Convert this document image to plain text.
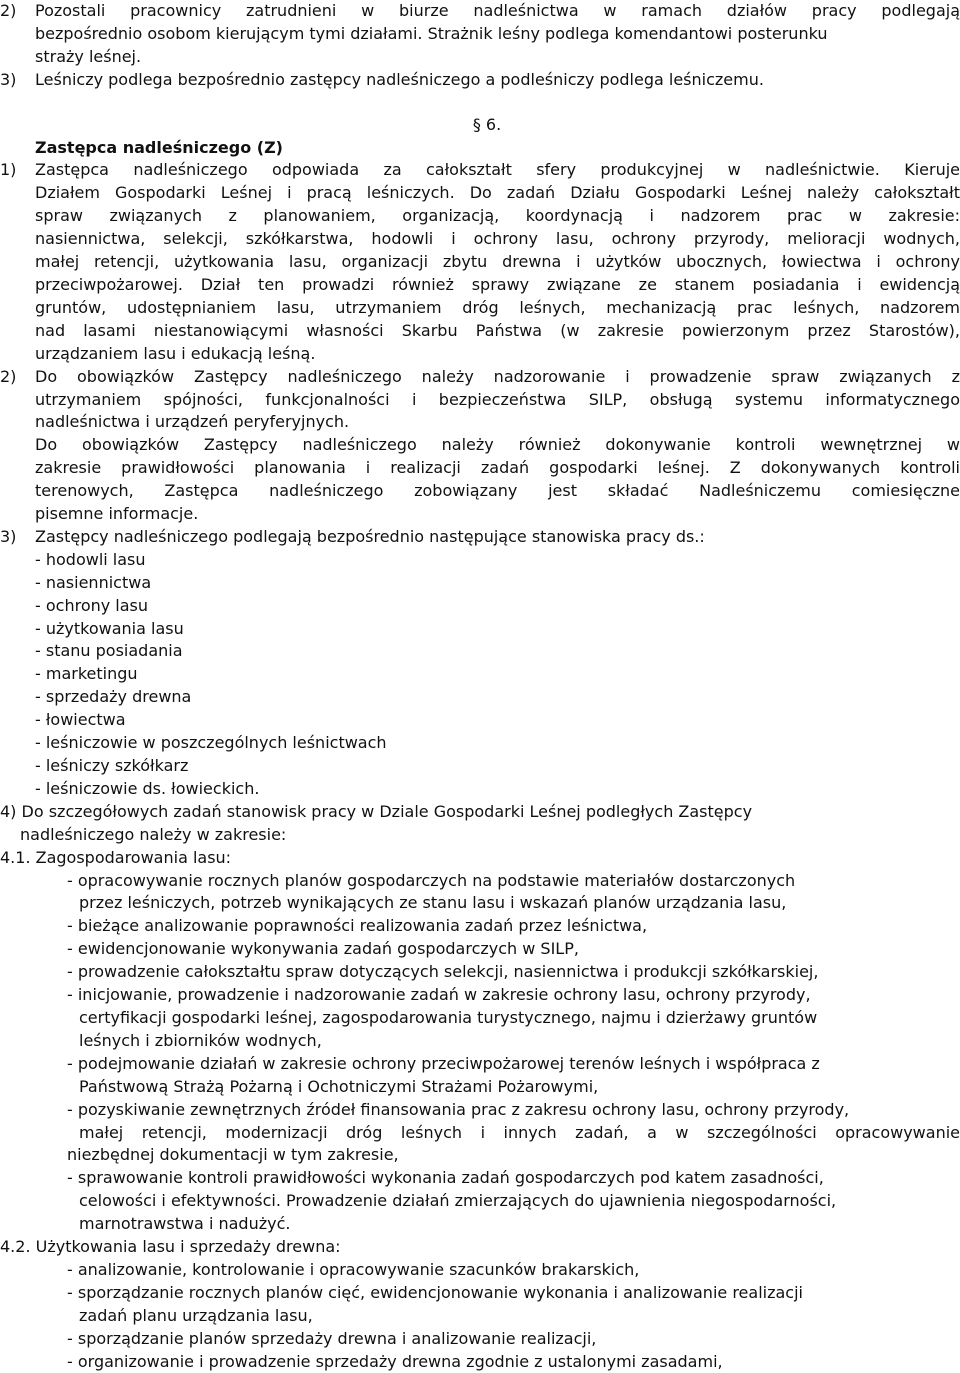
2) Pozostali pracownicy zatrudnieni w biurze nadleśnictwa w ramach działów pracy podlegają
bezpośrednio osobom kierującym tymi działami. Strażnik leśny podlega komendantowi posterunku
straży leśnej.
3) Leśniczy podlega bezpośrednio zastępcy nadleśniczego a podleśniczy podlega leśniczemu.
§ 6.
Zastępca nadleśniczego (Z)
1) Zastępca nadleśniczego odpowiada za całokształt sfery produkcyjnej w nadleśnictwie. Kieruje
Działem Gospodarki Leśnej i pracą leśniczych. Do zadań Działu Gospodarki Leśnej należy całokształt
spraw związanych z planowaniem, organizacją, koordynacją i nadzorem prac w zakresie:
nasiennictwa, selekcji, szkółkarstwa, hodowli i ochrony lasu, ochrony przyrody, melioracji wodnych,
małej retencji, użytkowania lasu, organizacji zbytu drewna i użytków ubocznych, łowiectwa i ochrony
przeciwpożarowej. Dział ten prowadzi również sprawy związane ze stanem posiadania i ewidencją
gruntów, udostępnianiem lasu, utrzymaniem dróg leśnych, mechanizacją prac leśnych, nadzorem
nad lasami niestanowiącymi własności Skarbu Państwa (w zakresie powierzonym przez Starostów),
urządzaniem lasu i edukacją leśną.
2) Do obowiązków Zastępcy nadleśniczego należy nadzorowanie i prowadzenie spraw związanych z
utrzymaniem spójności, funkcjonalności i bezpieczeństwa SILP, obsługą systemu informatycznego
nadleśnictwa i urządzeń peryferyjnych.
Do obowiązków Zastępcy nadleśniczego należy również dokonywanie kontroli wewnętrznej w
zakresie prawidłowości planowania i realizacji zadań gospodarki leśnej. Z dokonywanych kontroli
terenowych, Zastępca nadleśniczego zobowiązany jest składać Nadleśniczemu comiesięczne
pisemne informacje.
3) Zastępcy nadleśniczego podlegają bezpośrednio następujące stanowiska pracy ds.:
- hodowli lasu
- nasiennictwa
- ochrony lasu
- użytkowania lasu
- stanu posiadania
- marketingu
- sprzedaży drewna
- łowiectwa
- leśniczowie w poszczególnych leśnictwach
- leśniczy szkółkarz
- leśniczowie ds. łowieckich.
4) Do szczegółowych zadań stanowisk pracy w Dziale Gospodarki Leśnej podległych Zastępcy
nadleśniczego należy w zakresie:
4.1. Zagospodarowania lasu:
- opracowywanie rocznych planów gospodarczych na podstawie materiałów dostarczonych
przez leśniczych, potrzeb wynikających ze stanu lasu i wskazań planów urządzania lasu,
- bieżące analizowanie poprawności realizowania zadań przez leśnictwa,
- ewidencjonowanie wykonywania zadań gospodarczych w SILP,
- prowadzenie całokształtu spraw dotyczących selekcji, nasiennictwa i produkcji szkółkarskiej,
- inicjowanie, prowadzenie i nadzorowanie zadań w zakresie ochrony lasu, ochrony przyrody,
certyfikacji gospodarki leśnej, zagospodarowania turystycznego, najmu i dzierżawy gruntów
leśnych i zbiorników wodnych,
- podejmowanie działań w zakresie ochrony przeciwpożarowej terenów leśnych i współpraca z
Państwową Strażą Pożarną i Ochotniczymi Strażami Pożarowymi,
- pozyskiwanie zewnętrznych źródeł finansowania prac z zakresu ochrony lasu, ochrony przyrody,
małej retencji, modernizacji dróg leśnych i innych zadań, a w szczególności opracowywanie
niezbędnej dokumentacji w tym zakresie,
- sprawowanie kontroli prawidłowości wykonania zadań gospodarczych pod katem zasadności,
celowości i efektywności. Prowadzenie działań zmierzających do ujawnienia niegospodarności,
marnotrawstwa i nadużyć.
4.2. Użytkowania lasu i sprzedaży drewna:
- analizowanie, kontrolowanie i opracowywanie szacunków brakarskich,
- sporządzanie rocznych planów cięć, ewidencjonowanie wykonania i analizowanie realizacji
zadań planu urządzania lasu,
- sporządzanie planów sprzedaży drewna i analizowanie realizacji,
- organizowanie i prowadzenie sprzedaży drewna zgodnie z ustalonymi zasadami,
